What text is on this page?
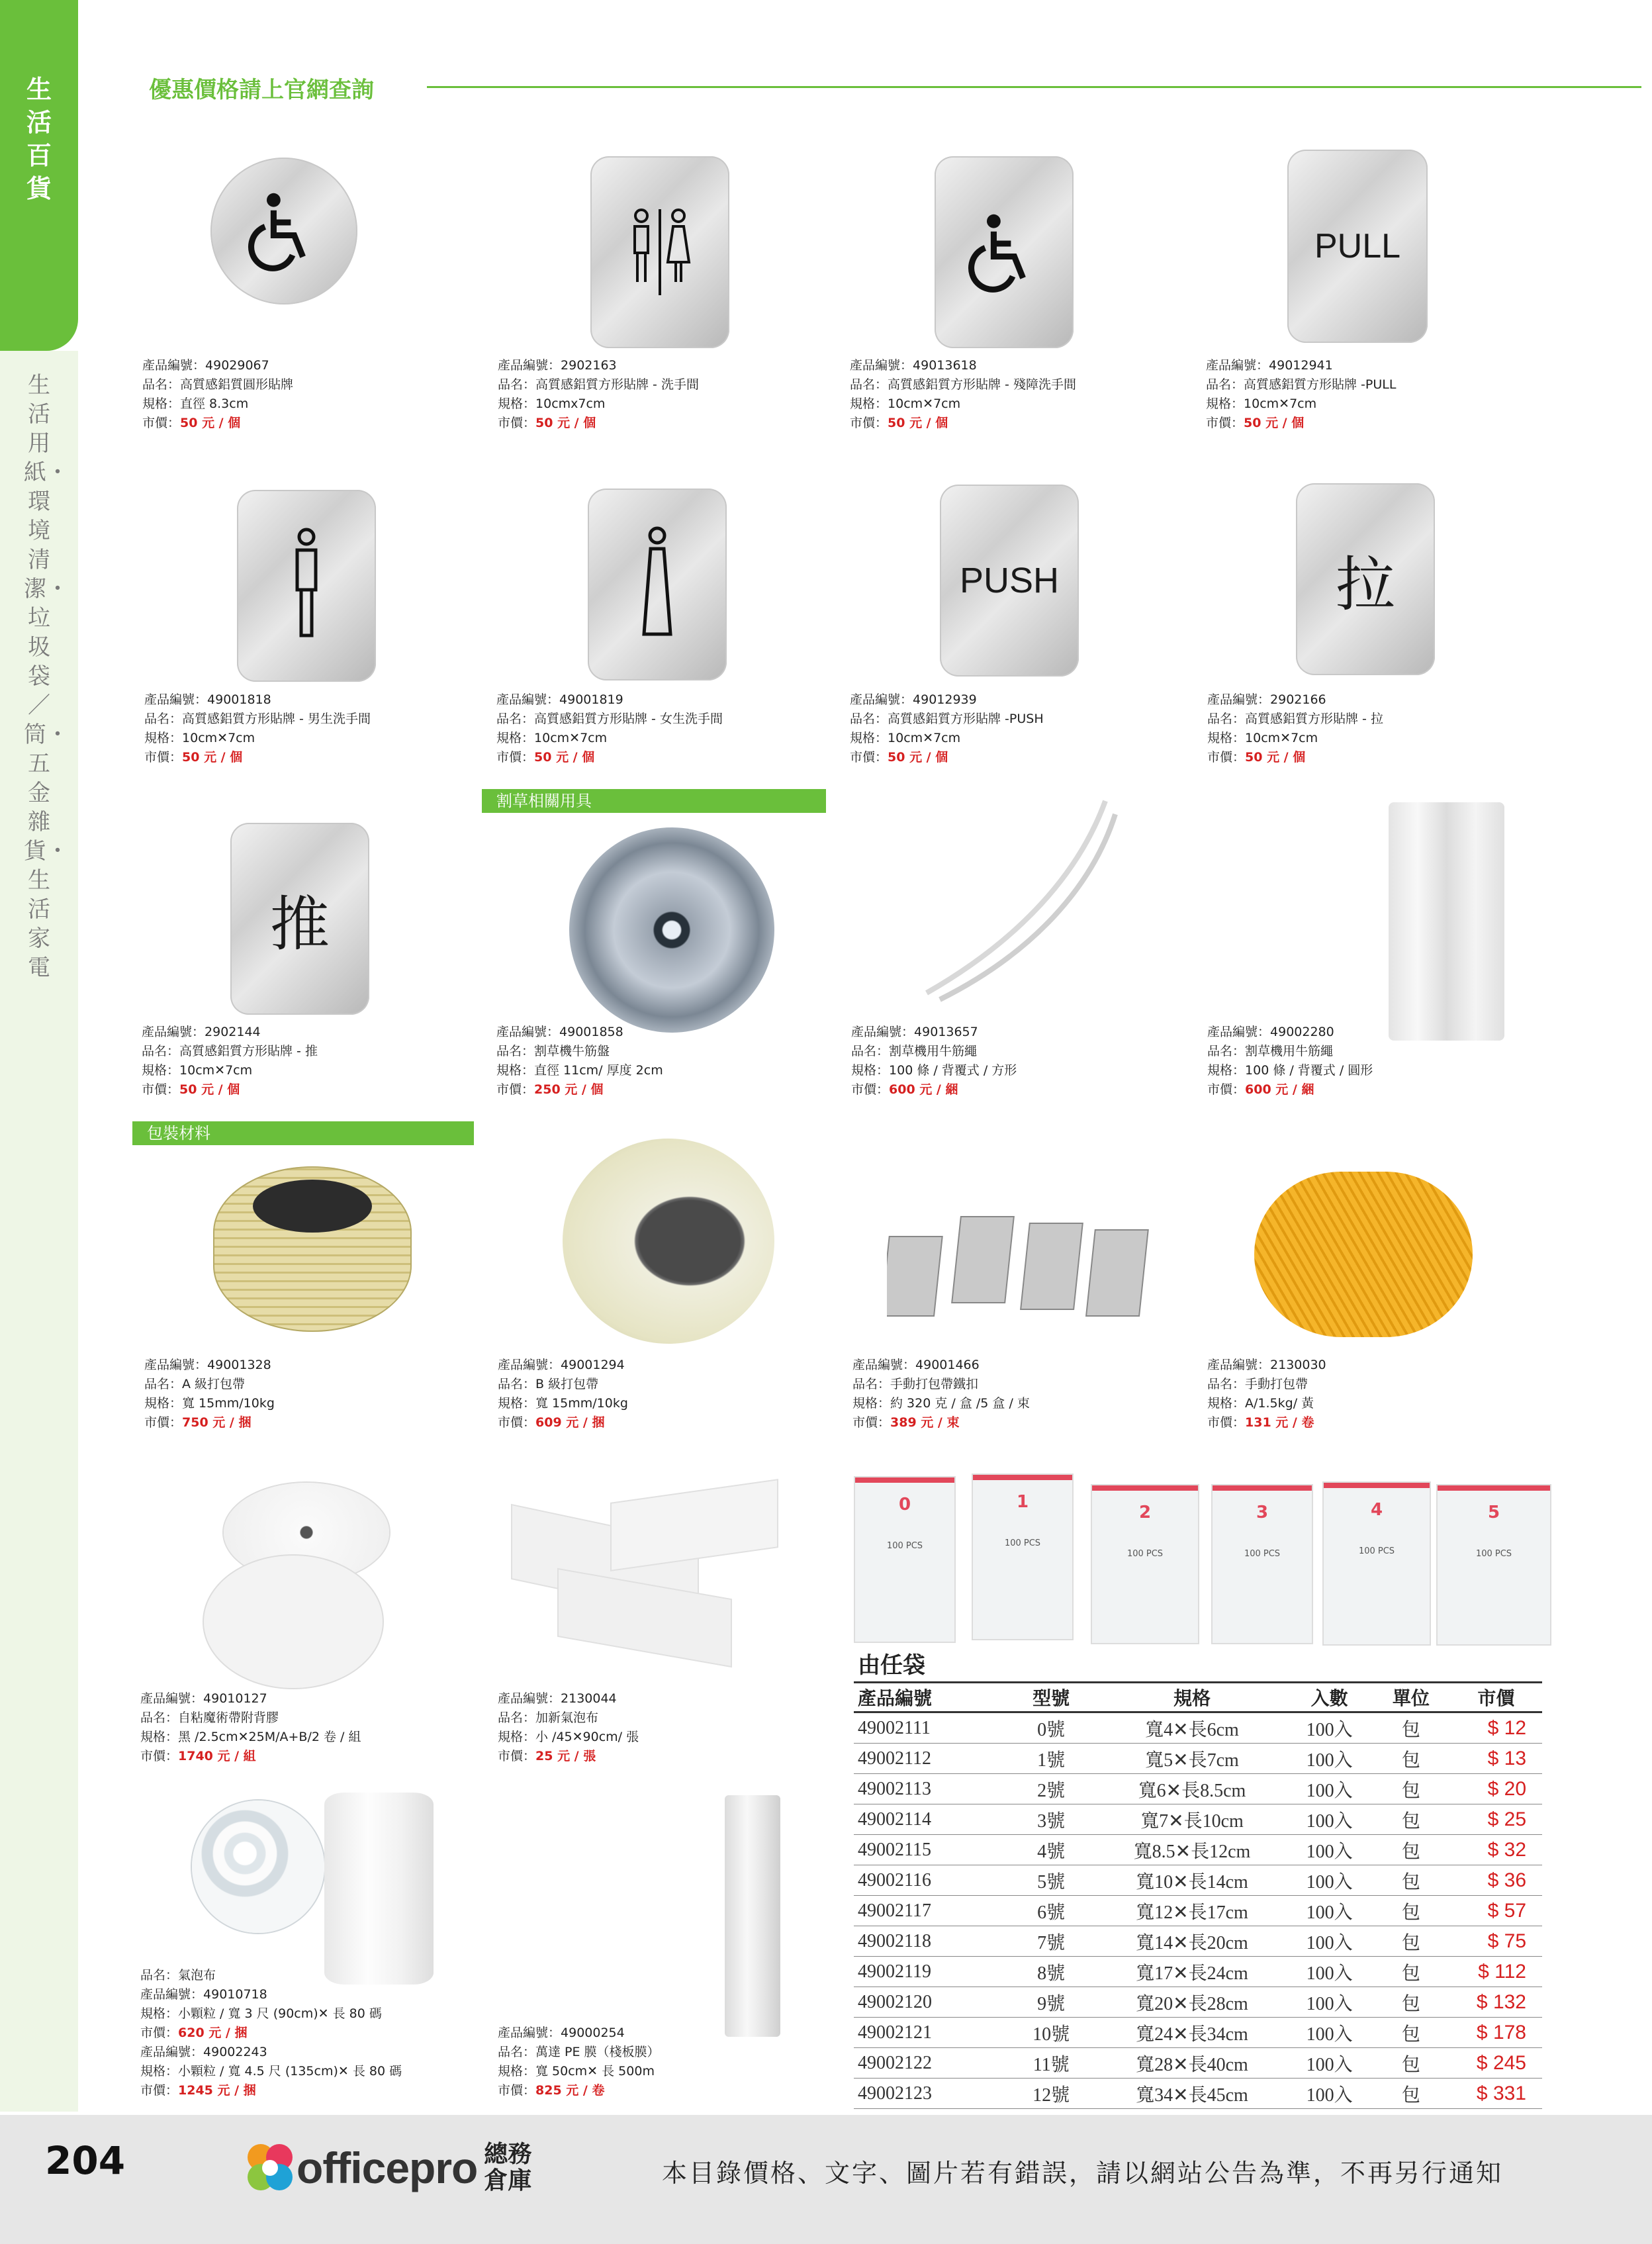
生活百貨
生活用紙・環境清潔・垃圾袋／筒・五金雜貨・生活家電
優惠價格請上官網查詢
PULL
產品編號：49029067
品名：高質感鋁質圓形貼牌
規格：直徑 8.3cm
市價：50 元 / 個
產品編號：2902163
品名：高質感鋁質方形貼牌 - 洗手間
規格：10cmx7cm
市價：50 元 / 個
產品編號：49013618
品名：高質感鋁質方形貼牌 - 殘障洗手間
規格：10cm✕7cm
市價：50 元 / 個
產品編號：49012941
品名：高質感鋁質方形貼牌 -PULL
規格：10cm✕7cm
市價：50 元 / 個
PUSH	拉
產品編號：49001818
品名：高質感鋁質方形貼牌 - 男生洗手間
規格：10cm✕7cm
市價：50 元 / 個
產品編號：49001819
品名：高質感鋁質方形貼牌 - 女生洗手間
規格：10cm✕7cm
市價：50 元 / 個
產品編號：49012939
品名：高質感鋁質方形貼牌 -PUSH
規格：10cm✕7cm
市價：50 元 / 個
產品編號：2902166
品名：高質感鋁質方形貼牌 - 拉
規格：10cm✕7cm
市價：50 元 / 個
割草相關用具
推
產品編號：2902144
品名：高質感鋁質方形貼牌 - 推
規格：10cm✕7cm
市價：50 元 / 個
產品編號：49001858
品名：割草機牛筋盤
規格：直徑 11cm/ 厚度 2cm
市價：250 元 / 個
產品編號：49013657
品名：割草機用牛筋繩
規格：100 條 / 背覆式 / 方形
市價：600 元 / 綑
產品編號：49002280
品名：割草機用牛筋繩
規格：100 條 / 背覆式 / 圓形
市價：600 元 / 綑
包裝材料
產品編號：49001328
品名：A 級打包帶
規格：寬 15mm/10kg
市價：750 元 / 捆
產品編號：49001294
品名：B 級打包帶
規格：寬 15mm/10kg
市價：609 元 / 捆
產品編號：49001466
品名：手動打包帶鐵扣
規格：約 320 克 / 盒 /5 盒 / 束
市價：389 元 / 束
產品編號：2130030
品名：手動打包帶
規格：A/1.5kg/ 黃
市價：131 元 / 卷
產品編號：49010127
品名：自粘魔術帶附背膠
規格：黑 /2.5cm✕25M/A+B/2 卷 / 組
市價：1740 元 / 組
產品編號：2130044
品名：加新氣泡布
規格：小 /45✕90cm/ 張
市價：25 元 / 張
品名：氣泡布
產品編號：49010718
規格：小顆粒 / 寬 3 尺 (90cm)✕ 長 80 碼
市價：620 元 / 捆
產品編號：49002243
規格：小顆粒 / 寬 4.5 尺 (135cm)✕ 長 80 碼
市價：1245 元 / 捆
產品編號：49000254
品名：萬達 PE 膜（棧板膜）
規格：寬 50cm✕ 長 500m
市價：825 元 / 卷
0
100 PCS
1
100 PCS
2
100 PCS
3
100 PCS
4
100 PCS
5
100 PCS
由任袋
產品編號	型號	規格	入數	單位	市價
49002111	0號	寬4✕長6cm	100入	包	$ 12
49002112	1號	寬5✕長7cm	100入	包	$ 13
49002113	2號	寬6✕長8.5cm	100入	包	$ 20
49002114	3號	寬7✕長10cm	100入	包	$ 25
49002115	4號	寬8.5✕長12cm	100入	包	$ 32
49002116	5號	寬10✕長14cm	100入	包	$ 36
49002117	6號	寬12✕長17cm	100入	包	$ 57
49002118	7號	寬14✕長20cm	100入	包	$ 75
49002119	8號	寬17✕長24cm	100入	包	$ 112
49002120	9號	寬20✕長28cm	100入	包	$ 132
49002121	10號	寬24✕長34cm	100入	包	$ 178
49002122	11號	寬28✕長40cm	100入	包	$ 245
49002123	12號	寬34✕長45cm	100入	包	$ 331
204	officepro 總務倉庫	本目錄價格、文字、圖片若有錯誤，請以網站公告為準，不再另行通知
